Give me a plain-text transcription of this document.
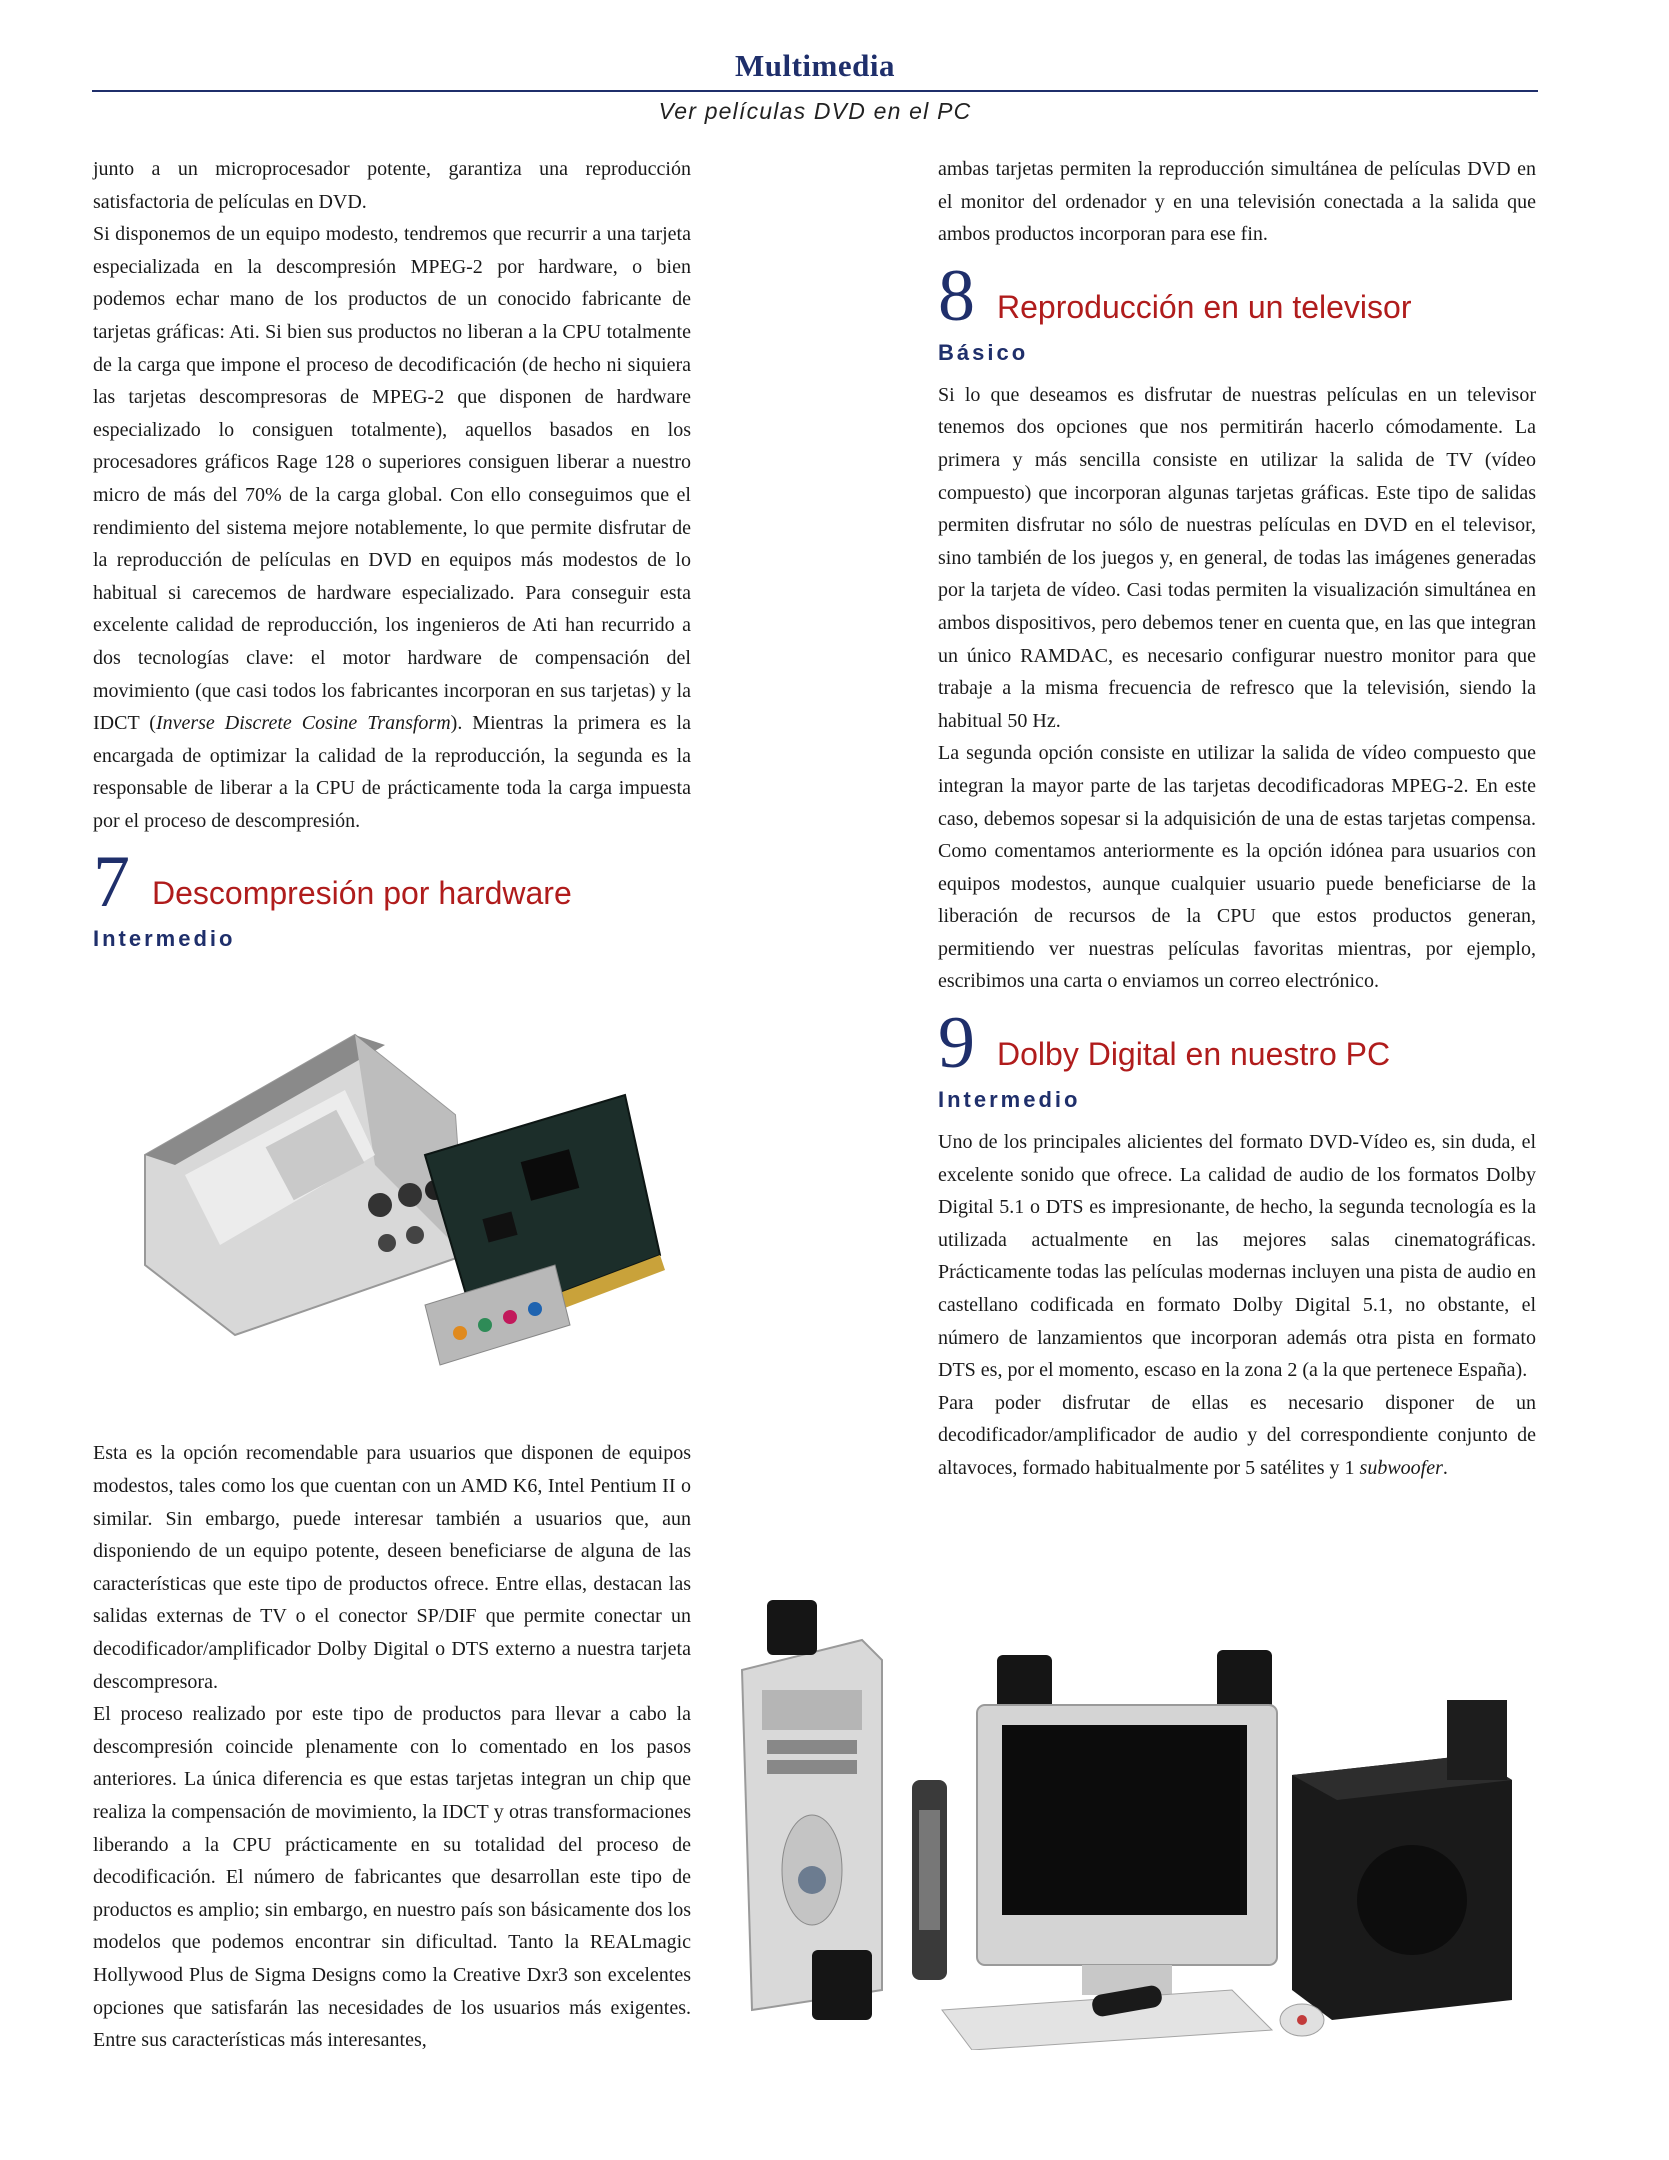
Multimedia
Ver películas DVD en el PC

junto a un microprocesador potente, garantiza una reproducción satisfactoria de películas en DVD.

Si disponemos de un equipo modesto, tendremos que recurrir a una tarjeta especializada en la descompresión MPEG-2 por hardware, o bien podemos echar mano de los productos de un conocido fabricante de tarjetas gráficas: Ati. Si bien sus productos no liberan a la CPU totalmente de la carga que impone el proceso de decodificación (de hecho ni siquiera las tarjetas descompresoras de MPEG-2 que disponen de hardware especializado lo consiguen totalmente), aquellos basados en los procesadores gráficos Rage 128 o superiores consiguen liberar a nuestro micro de más del 70% de la carga global. Con ello conseguimos que el rendimiento del sistema mejore notablemente, lo que permite disfrutar de la reproducción de películas en DVD en equipos más modestos de lo habitual si carecemos de hardware especializado. Para conseguir esta excelente calidad de reproducción, los ingenieros de Ati han recurrido a dos tecnologías clave: el motor hardware de compensación del movimiento (que casi todos los fabricantes incorporan en sus tarjetas) y la IDCT (Inverse Discrete Cosine Transform). Mientras la primera es la encargada de optimizar la calidad de la reproducción, la segunda es la responsable de liberar a la CPU de prácticamente toda la carga impuesta por el proceso de descompresión.

7 Descompresión por hardware
Intermedio

Esta es la opción recomendable para usuarios que disponen de equipos modestos, tales como los que cuentan con un AMD K6, Intel Pentium II o similar. Sin embargo, puede interesar también a usuarios que, aun disponiendo de un equipo potente, deseen beneficiarse de alguna de las características que este tipo de productos ofrece. Entre ellas, destacan las salidas externas de TV o el conector SP/DIF que permite conectar un decodificador/amplificador Dolby Digital o DTS externo a nuestra tarjeta descompresora.

El proceso realizado por este tipo de productos para llevar a cabo la descompresión coincide plenamente con lo comentado en los pasos anteriores. La única diferencia es que estas tarjetas integran un chip que realiza la compensación de movimiento, la IDCT y otras transformaciones liberando a la CPU prácticamente en su totalidad del proceso de decodificación. El número de fabricantes que desarrollan este tipo de productos es amplio; sin embargo, en nuestro país son básicamente dos los modelos que podemos encontrar sin dificultad. Tanto la REALmagic Hollywood Plus de Sigma Designs como la Creative Dxr3 son excelentes opciones que satisfarán las necesidades de los usuarios más exigentes. Entre sus características más interesantes,

ambas tarjetas permiten la reproducción simultánea de películas DVD en el monitor del ordenador y en una televisión conectada a la salida que ambos productos incorporan para ese fin.

8 Reproducción en un televisor
Básico

Si lo que deseamos es disfrutar de nuestras películas en un televisor tenemos dos opciones que nos permitirán hacerlo cómodamente. La primera y más sencilla consiste en utilizar la salida de TV (vídeo compuesto) que incorporan algunas tarjetas gráficas. Este tipo de salidas permiten disfrutar no sólo de nuestras películas en DVD en el televisor, sino también de los juegos y, en general, de todas las imágenes generadas por la tarjeta de vídeo. Casi todas permiten la visualización simultánea en ambos dispositivos, pero debemos tener en cuenta que, en las que integran un único RAMDAC, es necesario configurar nuestro monitor para que trabaje a la misma frecuencia de refresco que la televisión, siendo la habitual 50 Hz.

La segunda opción consiste en utilizar la salida de vídeo compuesto que integran la mayor parte de las tarjetas decodificadoras MPEG-2. En este caso, debemos sopesar si la adquisición de una de estas tarjetas compensa. Como comentamos anteriormente es la opción idónea para usuarios con equipos modestos, aunque cualquier usuario puede beneficiarse de la liberación de recursos de la CPU que estos productos generan, permitiendo ver nuestras películas favoritas mientras, por ejemplo, escribimos una carta o enviamos un correo electrónico.

9 Dolby Digital en nuestro PC
Intermedio

Uno de los principales alicientes del formato DVD-Vídeo es, sin duda, el excelente sonido que ofrece. La calidad de audio de los formatos Dolby Digital 5.1 o DTS es impresionante, de hecho, la segunda tecnología es la utilizada actualmente en las mejores salas cinematográficas. Prácticamente todas las películas modernas incluyen una pista de audio en castellano codificada en formato Dolby Digital 5.1, no obstante, el número de lanzamientos que incorporan además otra pista en formato DTS es, por el momento, escaso en la zona 2 (a la que pertenece España).

Para poder disfrutar de ellas es necesario disponer de un decodificador/amplificador de audio y del correspondiente conjunto de altavoces, formado habitualmente por 5 satélites y 1 subwoofer.
